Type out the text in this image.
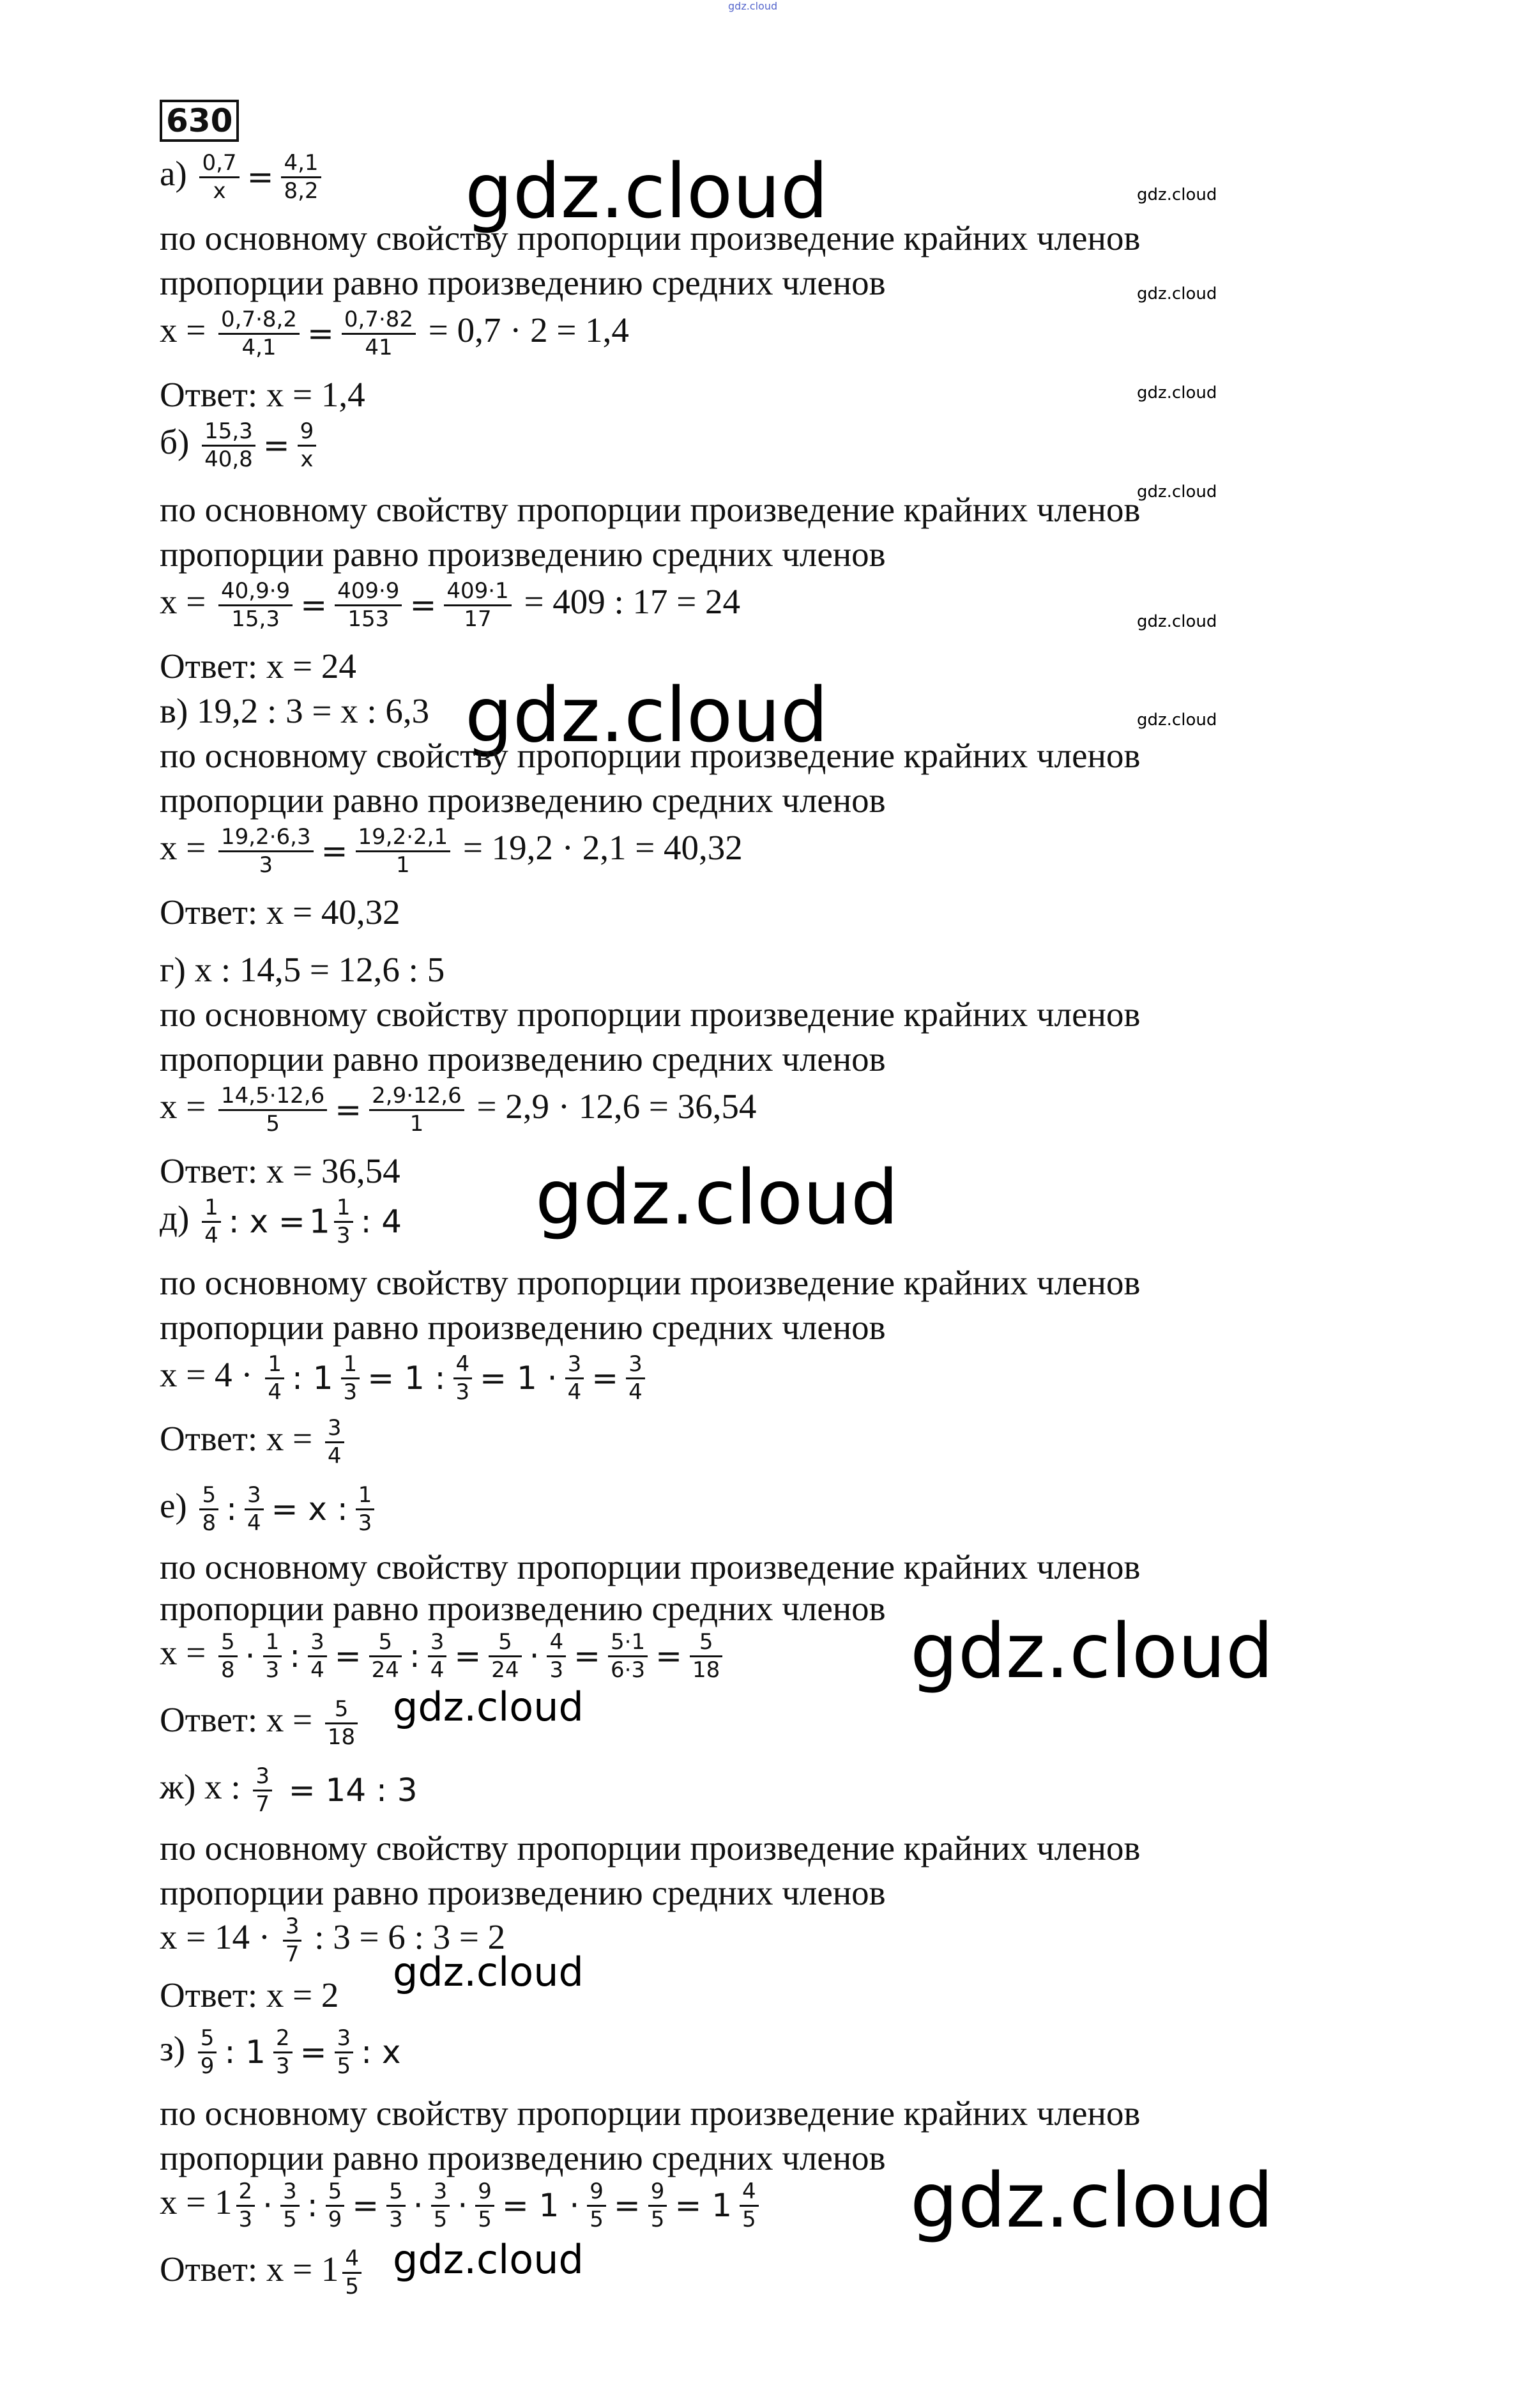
gdz.cloud
gdz.cloud
gdz.cloud
gdz.cloud
gdz.cloud
gdz.cloud
gdz.cloud
gdz.cloud
gdz.cloud
gdz.cloud
gdz.cloud
gdz.cloud
gdz.cloud
gdz.cloud
gdz.cloud
630
$а) \frac{0,7}{x} = \frac{4,1}{8,2}$
по основному свойству пропорции произведение крайних членов
пропорции равно произведению средних членов
$x = \frac{0,7\cdot 8,2}{4,1} = \frac{0,7\cdot 82}{41} = 0,7 \cdot 2 = 1,4$
Ответ: x = 1,4
$б) \frac{15,3}{40,8} = \frac{9}{x}$
по основному свойству пропорции произведение крайних членов
пропорции равно произведению средних членов
$x = \frac{40,9\cdot 9}{15,3} = \frac{409\cdot 9}{153} = \frac{409\cdot 1}{17} = 409$ : 17 = 24
Ответ: x = 24
в) 19,2 : 3 = x : 6,3
по основному свойству пропорции произведение крайних членов
пропорции равно произведению средних членов
$x = \frac{19,2\cdot 6,3}{3} = \frac{19,2\cdot 2,1}{1} = 19,2 \cdot 2,1 = 40,32$
Ответ: x = 40,32
г) x : 14,5 = 12,6 : 5
по основному свойству пропорции произведение крайних членов
пропорции равно произведению средних членов
$x = \frac{14,5\cdot 12,6}{5} = \frac{2,9\cdot 12,6}{1} = 2,9 \cdot 12,6 = 36,54$
Ответ: x = 36,54
$д) \frac{1}{4}$ : $x = 1 \frac{1}{3}$ : 4
по основному свойству пропорции произведение крайних членов
пропорции равно произведению средних членов
$x = 4 \cdot \frac{1}{4}$ : $1 \frac{1}{3} = 1$ : $\frac{4}{3} = 1 \cdot \frac{3}{4} = \frac{3}{4}$
Ответ: $x = \frac{3}{4}$
$е) \frac{5}{8}$ : $\frac{3}{4} = x$ : $\frac{1}{3}$
по основному свойству пропорции произведение крайних членов
пропорции равно произведению средних членов
$x = \frac{5}{8} \cdot \frac{1}{3}$ : $\frac{3}{4} = \frac{5}{24}$ : $\frac{3}{4} = \frac{5}{24} \cdot \frac{4}{3} = \frac{5\cdot 1}{6\cdot 3} = \frac{5}{18}$
Ответ: $x = \frac{5}{18}$
ж) x : $\frac{3}{7} = 14$ : 3
по основному свойству пропорции произведение крайних членов
пропорции равно произведению средних членов
$x = 14 \cdot \frac{3}{7}$ : 3 = 6 : 3 = 2
Ответ: x = 2
$з) \frac{5}{9}$ : $1 \frac{2}{3} = \frac{3}{5}$ : x
по основному свойству пропорции произведение крайних членов
пропорции равно произведению средних членов
$x = 1 \frac{2}{3} \cdot \frac{3}{5}$ : $\frac{5}{9} = \frac{5}{3} \cdot \frac{3}{5} \cdot \frac{9}{5} = 1 \cdot \frac{9}{5} = \frac{9}{5} = 1 \frac{4}{5}$
Ответ: $x = 1 \frac{4}{5}$
